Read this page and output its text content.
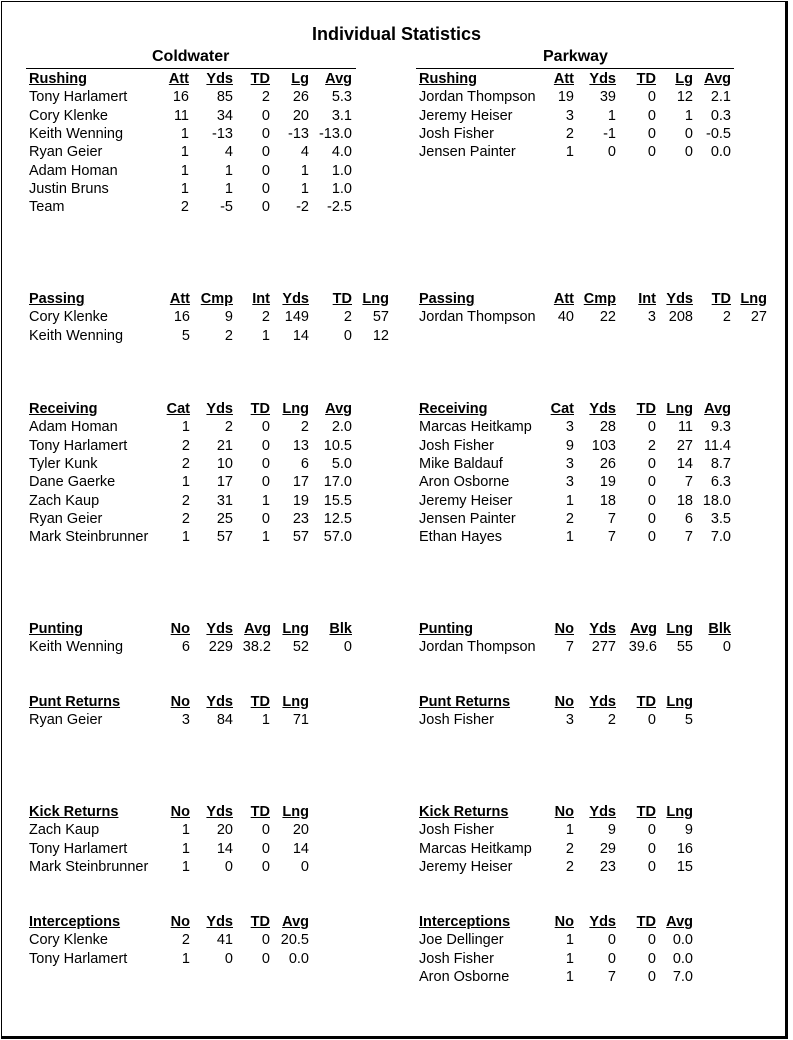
Individual Statistics
Coldwater	Parkway
Rushing	Att Yds TD Lg Avg
Tony Harlamert	16 85 2 26 5.3
Cory Klenke	11 34 0 20 3.1
Keith Wenning	1 -13 0 -13 -13.0
Ryan Geier	1 4 0 4 4.0
Adam Homan	1 1 0 1 1.0
Justin Bruns	1 1 0 1 1.0
Team	2 -5 0 -2 -2.5
Rushing	Att Yds TD Lg Avg
Jordan Thompson 19 39 0 12 2.1
Jeremy Heiser	3 1 0 1 0.3
Josh Fisher	2 -1 0 0 -0.5
Jensen Painter	1 0 0 0 0.0
Passing	Att Cmp Int Yds TD Lng
Cory Klenke	16 9 2 149 2 57
Keith Wenning	5 2 1 14 0 12
Passing	Att Cmp Int Yds TD Lng
Jordan Thompson 40 22 3 208 2 27
Receiving	Cat Yds TD Lng Avg
Adam Homan	1 2 0 2 2.0
Tony Harlamert	2 21 0 13 10.5
Tyler Kunk	2 10 0 6 5.0
Dane Gaerke	1 17 0 17 17.0
Zach Kaup	2 31 1 19 15.5
Ryan Geier	2 25 0 23 12.5
Mark Steinbrunner 1 57 1 57 57.0
Receiving	Cat Yds TD Lng Avg
Marcas Heitkamp 3 28 0 11 9.3
Josh Fisher	9 103 2 27 11.4
Mike Baldauf	3 26 0 14 8.7
Aron Osborne	3 19 0 7 6.3
Jeremy Heiser	1 18 0 18 18.0
Jensen Painter	2 7 0 6 3.5
Ethan Hayes	1 7 0 7 7.0
Punting	No Yds Avg Lng Blk
Keith Wenning	6 229 38.2 52 0
Punting	No Yds Avg Lng Blk
Jordan Thompson 7 277 39.6 55 0
Punt Returns	No Yds TD Lng
Ryan Geier	3 84 1 71
Punt Returns	No Yds TD Lng
Josh Fisher	3 2 0 5
Kick Returns	No Yds TD Lng
Zach Kaup	1 20 0 20
Tony Harlamert	1 14 0 14
Mark Steinbrunner 1 0 0 0
Kick Returns	No Yds TD Lng
Josh Fisher	1 9 0 9
Marcas Heitkamp 2 29 0 16
Jeremy Heiser	2 23 0 15
Interceptions	No Yds TD Avg
Cory Klenke	2 41 0 20.5
Tony Harlamert	1 0 0 0.0
Interceptions	No Yds TD Avg
Joe Dellinger	1 0 0 0.0
Josh Fisher	1 0 0 0.0
Aron Osborne	1 7 0 7.0
